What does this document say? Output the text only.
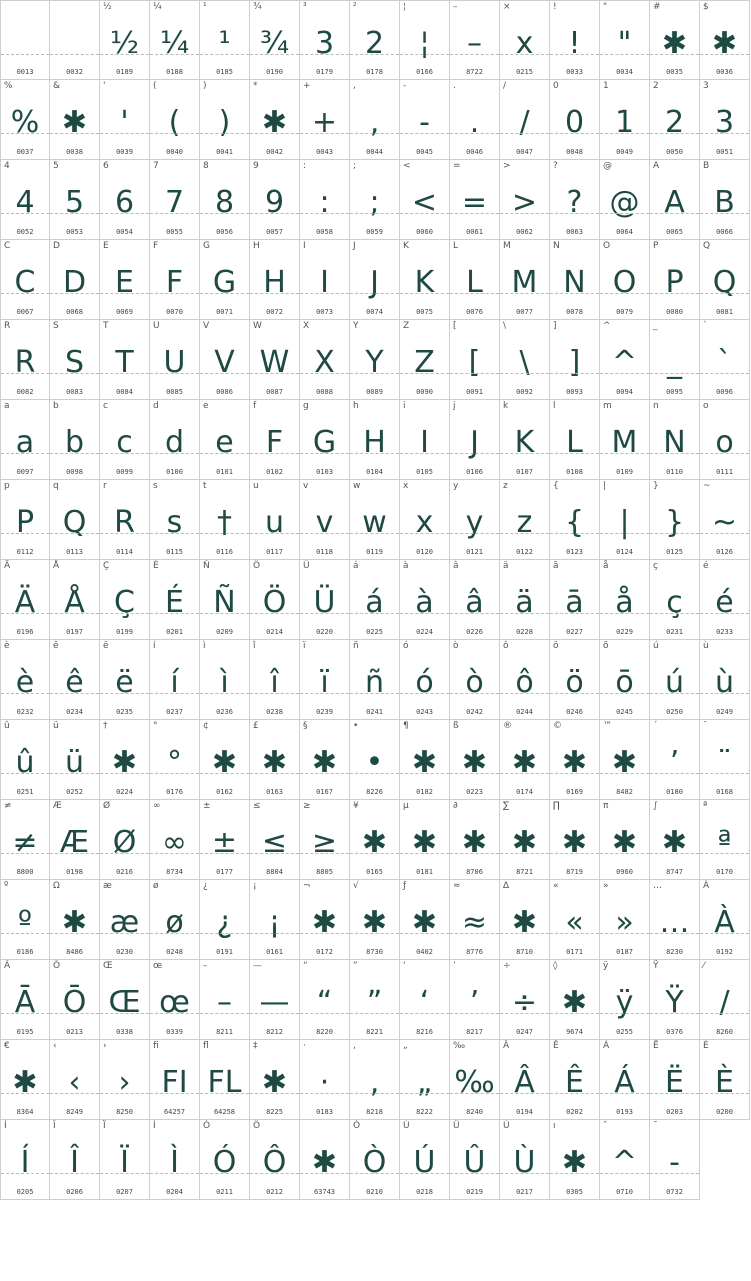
0013	0032
½
½
0189
¼
¼
0188
¹
¹
0185
¾
¾
0190
³
3
0179
²
2
0178
¦
¦
0166
–
–
8722
×
x
0215
!
!
0033
"
"
0034
#
✱
0035
$
✱
0036
%
%
0037
&
✱
0038
'
'
0039
(
(
0040
)
)
0041
*
✱
0042
+
+
0043
,
,
0044
-
-
0045
.
.
0046
/
/
0047
0
0
0048
1
1
0049
2
2
0050
3
3
0051
4
4
0052
5
5
0053
6
6
0054
7
7
0055
8
8
0056
9
9
0057
:
:
0058
;
;
0059
<
<
0060
=
=
0061
>
>
0062
?
?
0063
@
@
0064
A
A
0065
B
B
0066
C
C
0067
D
D
0068
E
E
0069
F
F
0070
G
G
0071
H
H
0072
I
I
0073
J
J
0074
K
K
0075
L
L
0076
M
M
0077
N
N
0078
O
O
0079
P
P
0080
Q
Q
0081
R
R
0082
S
S
0083
T
T
0084
U
U
0085
V
V
0086
W
W
0087
X
X
0088
Y
Y
0089
Z
Z
0090
[
[
0091
\
\
0092
]
]
0093
^
^
0094
_
_
0095
`
`
0096
a
a
0097
b
b
0098
c
c
0099
d
d
0100
e
e
0101
f
F
0102
g
G
0103
h
H
0104
i
I
0105
j
J
0106
k
K
0107
l
L
0108
m
M
0109
n
N
0110
o
o
0111
p
P
0112
q
Q
0113
r
R
0114
s
s
0115
t
†
0116
u
u
0117
v
v
0118
w
w
0119
x
x
0120
y
y
0121
z
z
0122
{
{
0123
|
|
0124
}
}
0125
~
~
0126
Ä
Ä
0196
Å
Å
0197
Ç
Ç
0199
É
É
0201
Ñ
Ñ
0209
Ö
Ö
0214
Ü
Ü
0220
á
á
0225
à
à
0224
â
â
0226
ä
ä
0228
ã
ā
0227
å
å
0229
ç
ç
0231
é
é
0233
è
è
0232
ê
ê
0234
ë
ë
0235
í
í
0237
ì
ì
0236
î
î
0238
ï
ï
0239
ñ
ñ
0241
ó
ó
0243
ò
ò
0242
ô
ô
0244
ö
ö
0246
õ
ō
0245
ú
ú
0250
ù
ù
0249
û
û
0251
ü
ü
0252
†
✱
0224
°
°
0176
¢
✱
0162
£
✱
0163
§
✱
0167
•
•
8226
¶
✱
0182
ß
✱
0223
®
✱
0174
©
✱
0169
™
✱
8482
´
ʼ
0180
¨
¨
0168
≠
≠
8800
Æ
Æ
0198
Ø
Ø
0216
∞
∞
8734
±
±
0177
≤
≤
8804
≥
≥
8805
¥
✱
0165
µ
✱
0181
∂
✱
8706
∑
✱
8721
∏
✱
8719
π
✱
0960
∫
✱
8747
ª
ª
0170
º
º
0186
Ω
✱
8486
æ
æ
0230
ø
ø
0248
¿
¿
0191
¡
¡
0161
¬
✱
0172
√
✱
8730
ƒ
✱
0402
≈
≈
8776
∆
✱
8710
«
«
0171
»
»
0187
…
…
8230
À
À
0192
Ã
Ā
0195
Õ
Ō
0213
Œ
Œ
0338
œ
œ
0339
–
–
8211
—
—
8212
“
“
8220
”
”
8221
‘
‘
8216
’
’
8217
÷
÷
0247
◊
✱
9674
ÿ
ÿ
0255
Ÿ
Ÿ
0376
⁄
/
8260
€
✱
8364
‹
‹
8249
›
›
8250
ﬁ
FI
64257
ﬂ
FL
64258
‡
✱
8225
·
·
0183
‚
,
8218
„
„
8222
‰
‰
8240
Â
Â
0194
Ê
Ê
0202
Á
Á
0193
Ë
Ë
0203
È
È
0200
Í
Í
0205
Î
Î
0206
Ï
Ï
0207
Ì
Ì
0204
Ó
Ó
0211
Ô
Ô
0212
✱
63743
Ò
Ò
0210
Ú
Ú
0218
Û
Û
0219
Ù
Ù
0217
ı
✱
0305
ˆ
^
0710
˜
-
0732
